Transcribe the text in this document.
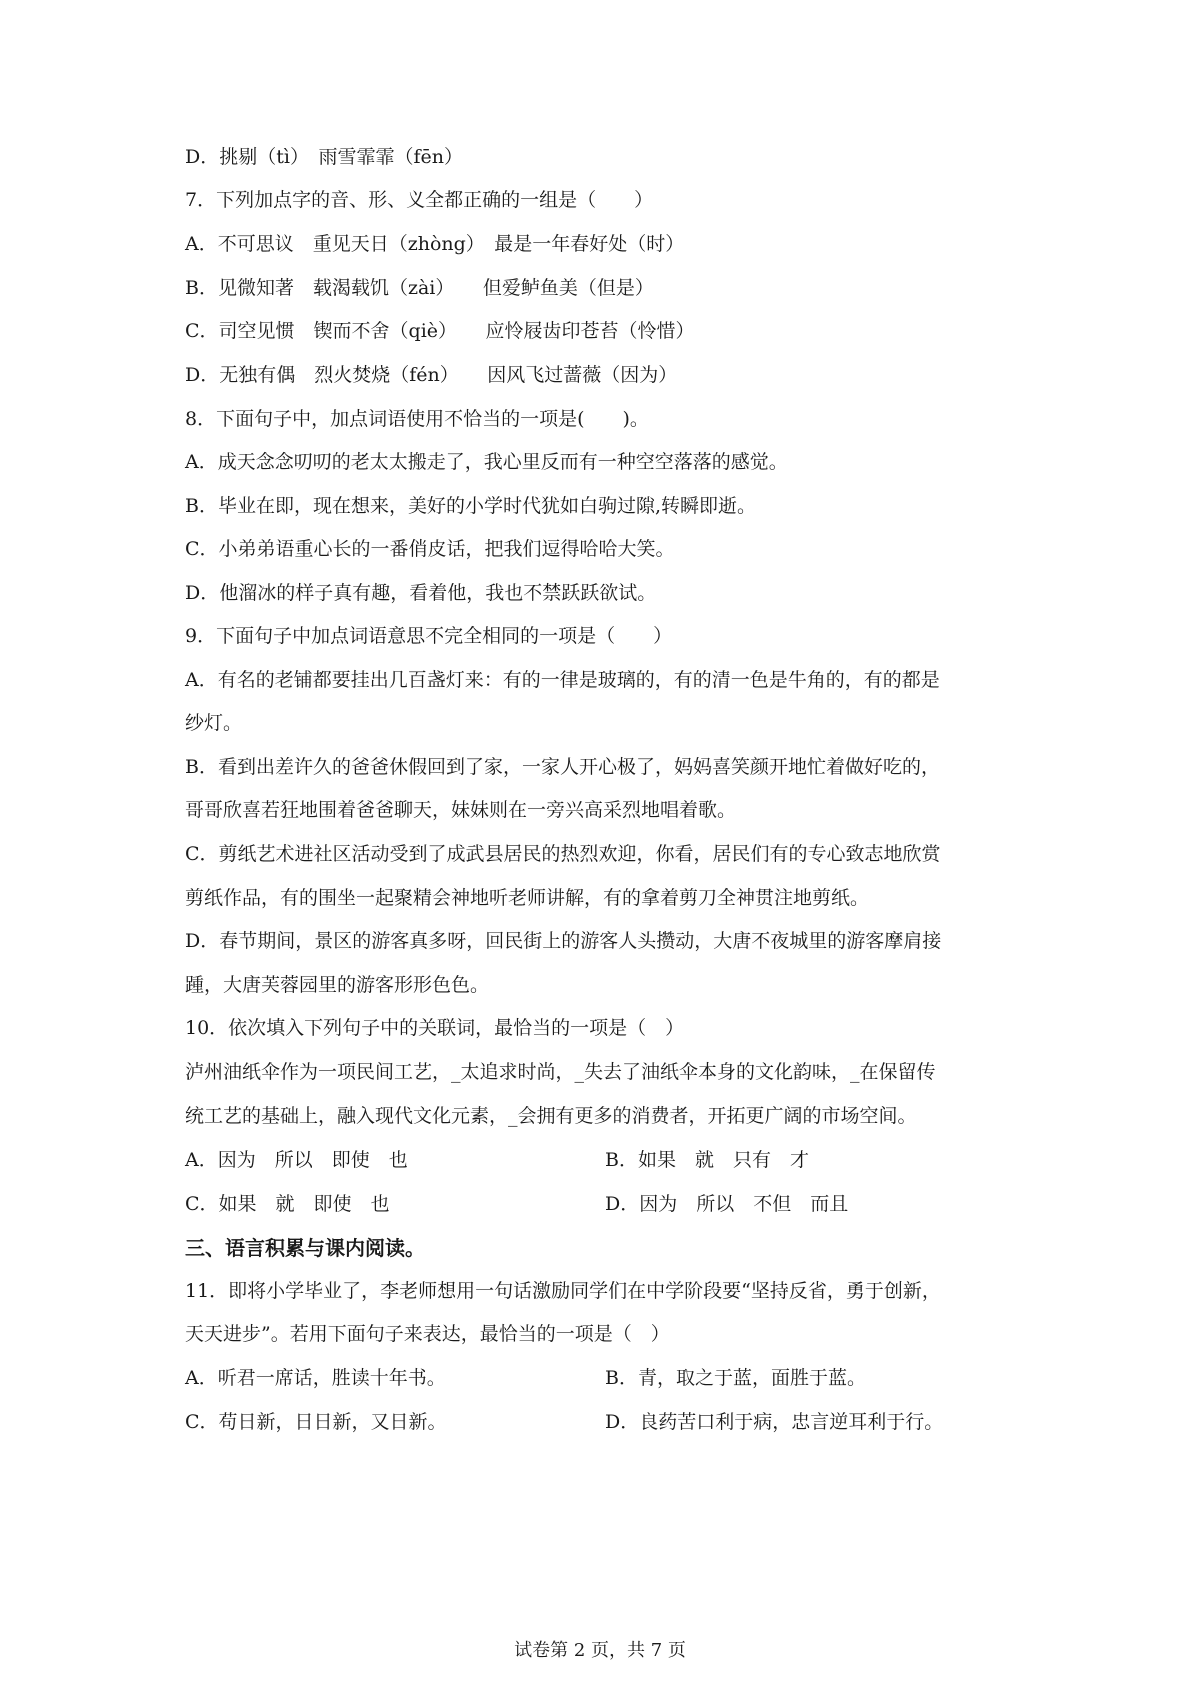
D．挑剔（tì）　雨雪霏霏（fēn）
7．下列加点字的音、形、义全都正确的一组是（　　）
A．不可思议　重见天日（zhòng）　最是一年春好处（时）
B．见微知著　载渴载饥（zài）　　但爱鲈鱼美（但是）
C．司空见惯　锲而不舍（qiè）　　应怜屐齿印苍苔（怜惜）
D．无独有偶　烈火焚烧（fén）　　因风飞过蔷薇（因为）
8．下面句子中，加点词语使用不恰当的一项是(　　)。
A．成天念念叨叨的老太太搬走了，我心里反而有一种空空落落的感觉。
B．毕业在即，现在想来，美好的小学时代犹如白驹过隙,转瞬即逝。
C．小弟弟语重心长的一番俏皮话，把我们逗得哈哈大笑。
D．他溜冰的样子真有趣，看着他，我也不禁跃跃欲试。
9．下面句子中加点词语意思不完全相同的一项是（　　）
A．有名的老铺都要挂出几百盏灯来：有的一律是玻璃的，有的清一色是牛角的，有的都是
纱灯。
B．看到出差许久的爸爸休假回到了家，一家人开心极了，妈妈喜笑颜开地忙着做好吃的，
哥哥欣喜若狂地围着爸爸聊天，妹妹则在一旁兴高采烈地唱着歌。
C．剪纸艺术进社区活动受到了成武县居民的热烈欢迎，你看，居民们有的专心致志地欣赏
剪纸作品，有的围坐一起聚精会神地听老师讲解，有的拿着剪刀全神贯注地剪纸。
D．春节期间，景区的游客真多呀，回民街上的游客人头攒动，大唐不夜城里的游客摩肩接
踵，大唐芙蓉园里的游客形形色色。
10．依次填入下列句子中的关联词，最恰当的一项是（　）
泸州油纸伞作为一项民间工艺，_太追求时尚，_失去了油纸伞本身的文化韵味，_在保留传
统工艺的基础上，融入现代文化元素，_会拥有更多的消费者，开拓更广阔的市场空间。
A．因为　所以　即使　也	B．如果　就　只有　才
C．如果　就　即使　也	D．因为　所以　不但　而且
三、语言积累与课内阅读。
11．即将小学毕业了，李老师想用一句话激励同学们在中学阶段要“坚持反省，勇于创新，
天天进步”。若用下面句子来表达，最恰当的一项是（　）
A．听君一席话，胜读十年书。	B．青，取之于蓝，面胜于蓝。
C．苟日新，日日新，又日新。	D．良药苦口利于病，忠言逆耳利于行。
试卷第 2 页，共 7 页
